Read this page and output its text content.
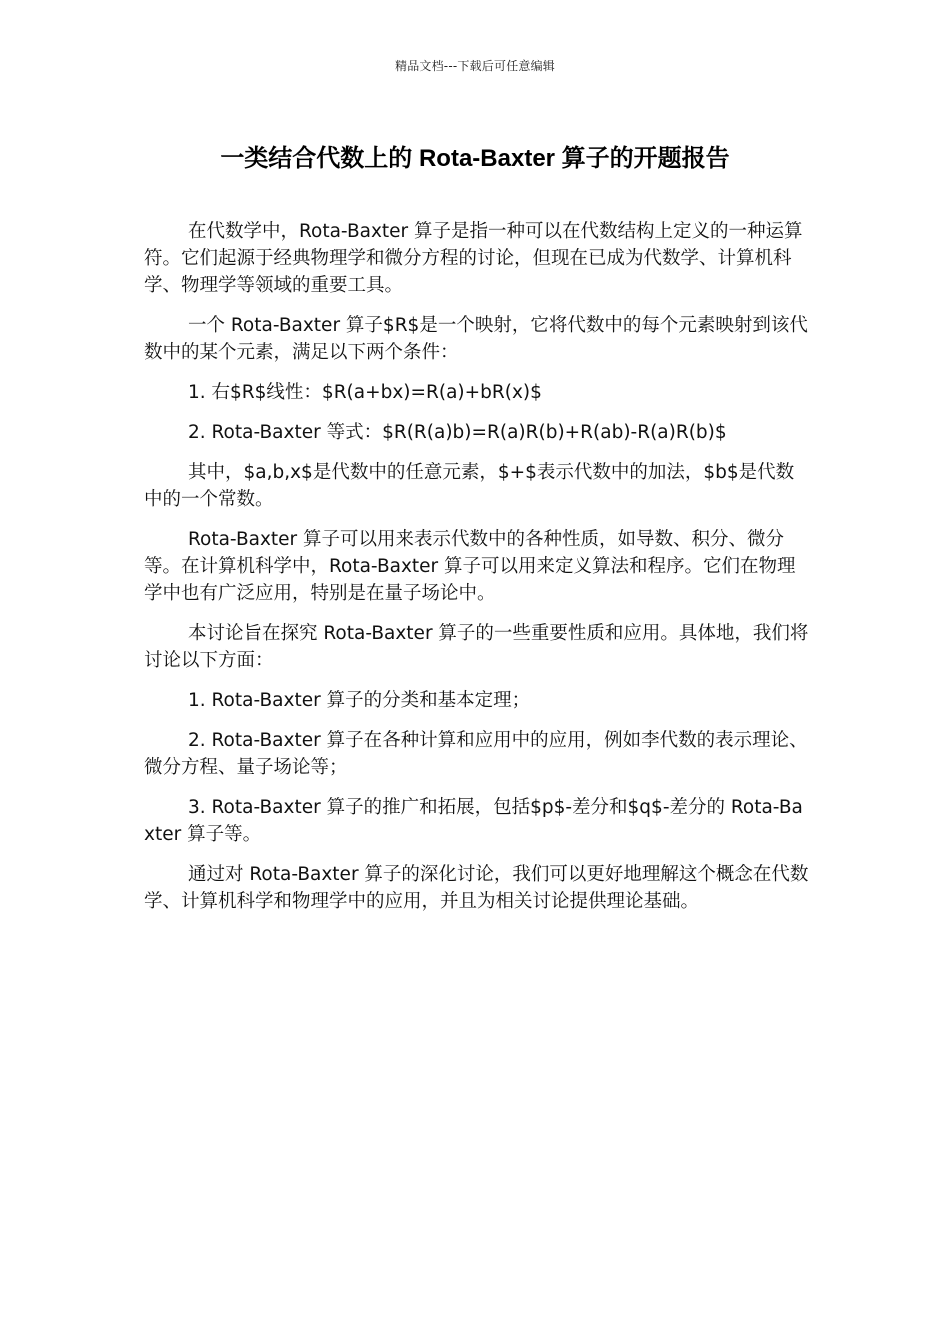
精品文档---下载后可任意编辑
一类结合代数上的 Rota-Baxter 算子的开题报告

在代数学中，Rota-Baxter 算子是指一种可以在代数结构上定义的一种运算符。它们起源于经典物理学和微分方程的讨论，但现在已成为代数学、计算机科学、物理学等领域的重要工具。

一个 Rota-Baxter 算子$R$是一个映射，它将代数中的每个元素映射到该代数中的某个元素，满足以下两个条件：

1. 右$R$线性：$R(a+bx)=R(a)+bR(x)$

2. Rota-Baxter 等式：$R(R(a)b)=R(a)R(b)+R(ab)-R(a)R(b)$

其中，$a,b,x$是代数中的任意元素，$+$表示代数中的加法，$b$是代数中的一个常数。

Rota-Baxter 算子可以用来表示代数中的各种性质，如导数、积分、微分等。在计算机科学中，Rota-Baxter 算子可以用来定义算法和程序。它们在物理学中也有广泛应用，特别是在量子场论中。

本讨论旨在探究 Rota-Baxter 算子的一些重要性质和应用。具体地，我们将讨论以下方面：

1. Rota-Baxter 算子的分类和基本定理；

2. Rota-Baxter 算子在各种计算和应用中的应用，例如李代数的表示理论、微分方程、量子场论等；

3. Rota-Baxter 算子的推广和拓展，包括$p$-差分和$q$-差分的 Rota-Baxter 算子等。

通过对 Rota-Baxter 算子的深化讨论，我们可以更好地理解这个概念在代数学、计算机科学和物理学中的应用，并且为相关讨论提供理论基础。
